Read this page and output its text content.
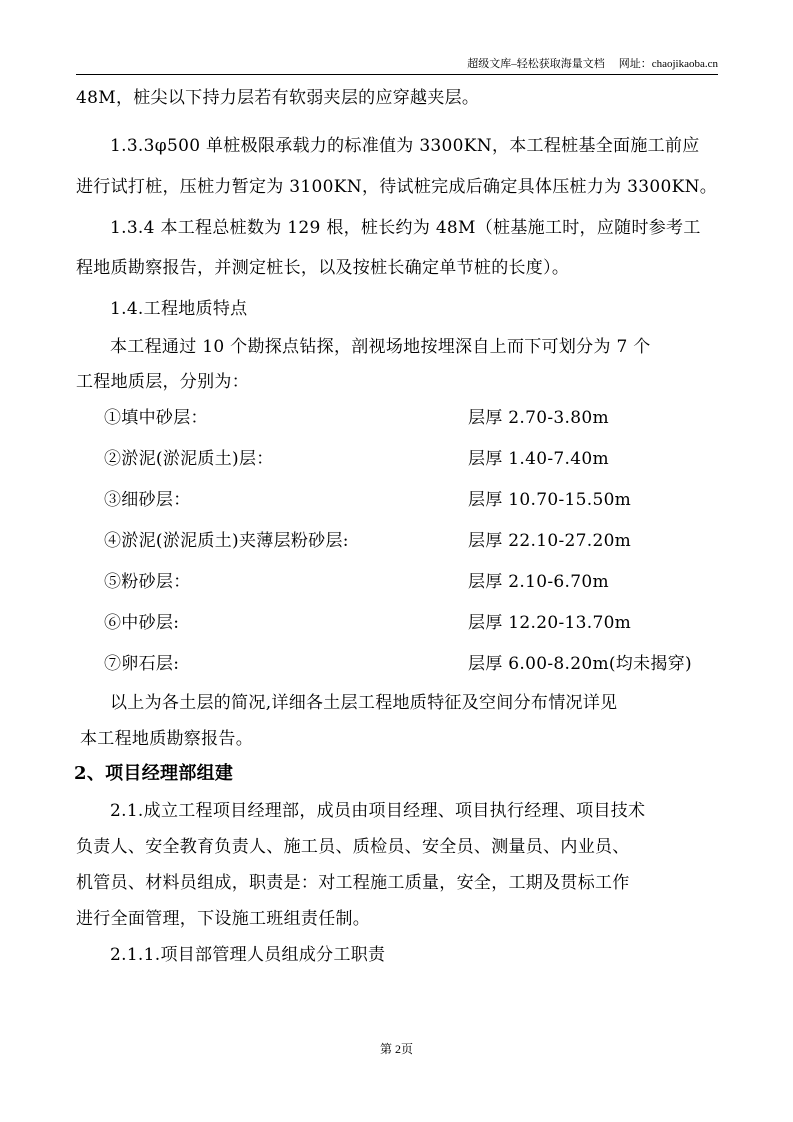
超级文库–轻松获取海量文档 网址：chaojikaoba.cn
48M，桩尖以下持力层若有软弱夹层的应穿越夹层。
1.3.3φ500 单桩极限承载力的标准值为 3300KN，本工程桩基全面施工前应
进行试打桩，压桩力暂定为 3100KN，待试桩完成后确定具体压桩力为 3300KN。
1.3.4 本工程总桩数为 129 根，桩长约为 48M（桩基施工时，应随时参考工
程地质勘察报告，并测定桩长，以及按桩长确定单节桩的长度）。
1.4.工程地质特点
本工程通过 10 个勘探点钻探，剖视场地按埋深自上而下可划分为 7 个
工程地质层，分别为：
①填中砂层：	层厚 2.70-3.80m
②淤泥(淤泥质土)层：	层厚 1.40-7.40m
③细砂层：	层厚 10.70-15.50m
④淤泥(淤泥质土)夹薄层粉砂层:	层厚 22.10-27.20m
⑤粉砂层：	层厚 2.10-6.70m
⑥中砂层:	层厚 12.20-13.70m
⑦卵石层:	层厚 6.00-8.20m(均未揭穿)
以上为各土层的简况,详细各土层工程地质特征及空间分布情况详见
本工程地质勘察报告。
2、项目经理部组建
2.1.成立工程项目经理部，成员由项目经理、项目执行经理、项目技术
负责人、安全教育负责人、施工员、质检员、安全员、测量员、内业员、
机管员、材料员组成，职责是：对工程施工质量，安全，工期及贯标工作
进行全面管理，下设施工班组责任制。
2.1.1.项目部管理人员组成分工职责
第 2页
